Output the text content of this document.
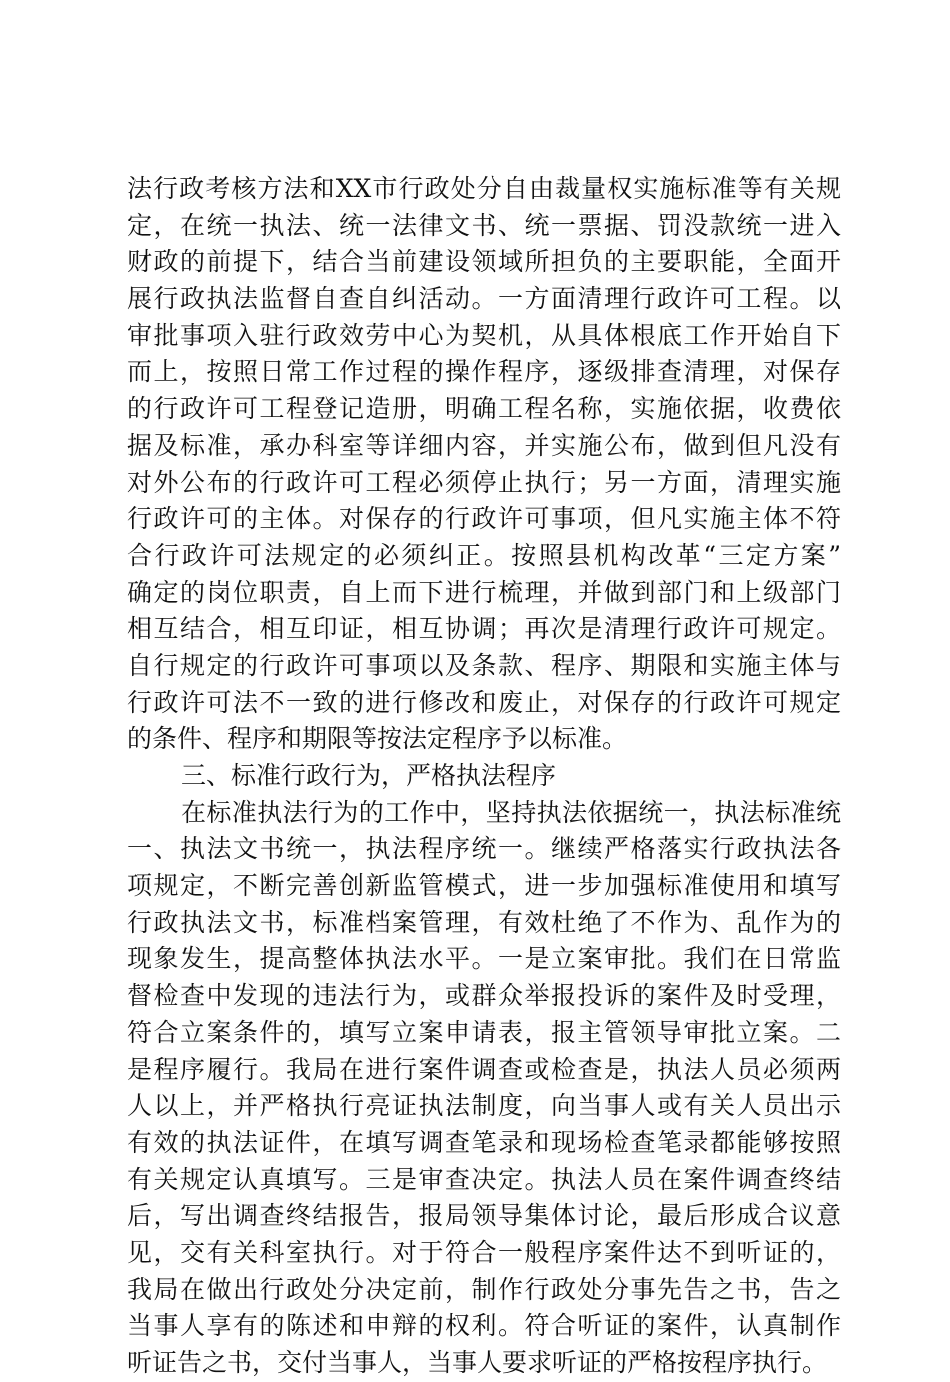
法行政考核方法和XX市行政处分自由裁量权实施标准等有关规
定，在统一执法、统一法律文书、统一票据、罚没款统一进入
财政的前提下，结合当前建设领域所担负的主要职能，全面开
展行政执法监督自查自纠活动。一方面清理行政许可工程。以
审批事项入驻行政效劳中心为契机，从具体根底工作开始自下
而上，按照日常工作过程的操作程序，逐级排查清理，对保存
的行政许可工程登记造册，明确工程名称，实施依据，收费依
据及标准，承办科室等详细内容，并实施公布，做到但凡没有
对外公布的行政许可工程必须停止执行；另一方面，清理实施
行政许可的主体。对保存的行政许可事项，但凡实施主体不符
合行政许可法规定的必须纠正。按照县机构改革“三定方案”
确定的岗位职责，自上而下进行梳理，并做到部门和上级部门
相互结合，相互印证，相互协调；再次是清理行政许可规定。
自行规定的行政许可事项以及条款、程序、期限和实施主体与
行政许可法不一致的进行修改和废止，对保存的行政许可规定
的条件、程序和期限等按法定程序予以标准。
三、标准行政行为，严格执法程序
在标准执法行为的工作中，坚持执法依据统一，执法标准统
一、执法文书统一，执法程序统一。继续严格落实行政执法各
项规定，不断完善创新监管模式，进一步加强标准使用和填写
行政执法文书，标准档案管理，有效杜绝了不作为、乱作为的
现象发生，提高整体执法水平。一是立案审批。我们在日常监
督检查中发现的违法行为，或群众举报投诉的案件及时受理，
符合立案条件的，填写立案申请表，报主管领导审批立案。二
是程序履行。我局在进行案件调查或检查是，执法人员必须两
人以上，并严格执行亮证执法制度，向当事人或有关人员出示
有效的执法证件，在填写调查笔录和现场检查笔录都能够按照
有关规定认真填写。三是审查决定。执法人员在案件调查终结
后，写出调查终结报告，报局领导集体讨论，最后形成合议意
见，交有关科室执行。对于符合一般程序案件达不到听证的，
我局在做出行政处分决定前，制作行政处分事先告之书，告之
当事人享有的陈述和申辩的权利。符合听证的案件，认真制作
听证告之书，交付当事人，当事人要求听证的严格按程序执行。
